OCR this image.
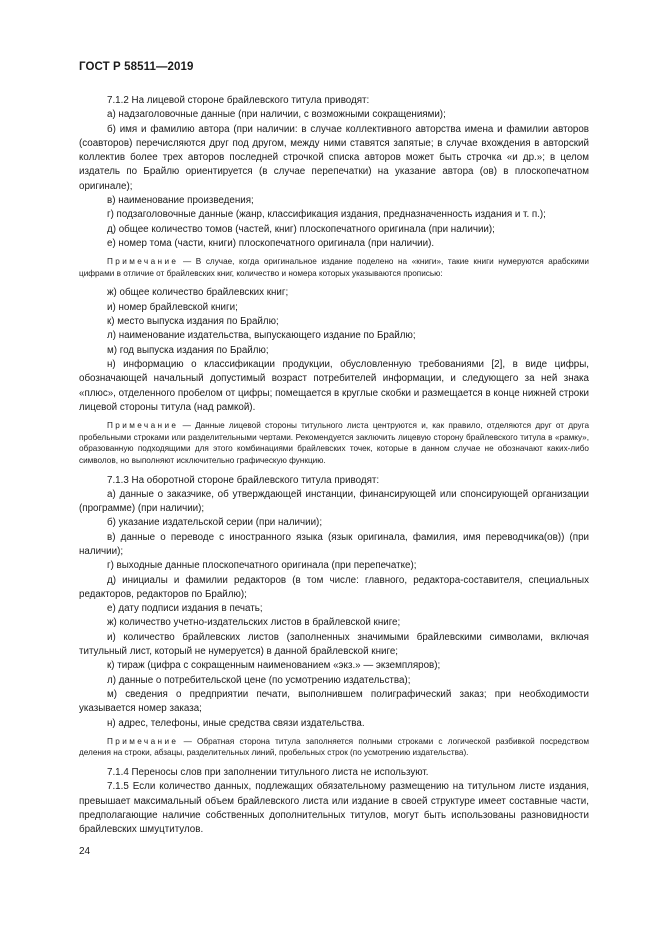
ГОСТ Р 58511—2019

7.1.2 На лицевой стороне брайлевского титула приводят:

а) надзаголовочные данные (при наличии, с возможными сокращениями);

б) имя и фамилию автора (при наличии: в случае коллективного авторства имена и фамилии авторов (соавторов) перечисляются друг под другом, между ними ставятся запятые; в случае вхождения в авторский коллектив более трех авторов последней строчкой списка авторов может быть строчка «и др.»; в целом издатель по Брайлю ориентируется (в случае перепечатки) на указание автора (ов) в плоскопечатном оригинале);

в) наименование произведения;

г) подзаголовочные данные (жанр, классификация издания, предназначенность издания и т. п.);

д) общее количество томов (частей, книг) плоскопечатного оригинала (при наличии);

е) номер тома (части, книги) плоскопечатного оригинала (при наличии).

Примечание — В случае, когда оригинальное издание поделено на «книги», такие книги нумеруются арабскими цифрами в отличие от брайлевских книг, количество и номера которых указываются прописью:

ж) общее количество брайлевских книг;

и) номер брайлевской книги;

к) место выпуска издания по Брайлю;

л) наименование издательства, выпускающего издание по Брайлю;

м) год выпуска издания по Брайлю;

н) информацию о классификации продукции, обусловленную требованиями [2], в виде цифры, обозначающей начальный допустимый возраст потребителей информации, и следующего за ней знака «плюс», отделенного пробелом от цифры; помещается в круглые скобки и размещается в конце нижней строки лицевой стороны титула (над рамкой).

Примечание — Данные лицевой стороны титульного листа центруются и, как правило, отделяются друг от друга пробельными строками или разделительными чертами. Рекомендуется заключить лицевую сторону брайлевского титула в «рамку», образованную подходящими для этого комбинациями брайлевских точек, которые в данном случае не обозначают каких-либо символов, но выполняют исключительно графическую функцию.

7.1.3 На оборотной стороне брайлевского титула приводят:

а) данные о заказчике, об утверждающей инстанции, финансирующей или спонсирующей организации (программе) (при наличии);

б) указание издательской серии (при наличии);

в) данные о переводе с иностранного языка (язык оригинала, фамилия, имя переводчика(ов)) (при наличии);

г) выходные данные плоскопечатного оригинала (при перепечатке);

д) инициалы и фамилии редакторов (в том числе: главного, редактора-составителя, специальных редакторов, редакторов по Брайлю);

е) дату подписи издания в печать;

ж) количество учетно-издательских листов в брайлевской книге;

и) количество брайлевских листов (заполненных значимыми брайлевскими символами, включая титульный лист, который не нумеруется) в данной брайлевской книге;

к) тираж (цифра с сокращенным наименованием «экз.» — экземпляров);

л) данные о потребительской цене (по усмотрению издательства);

м) сведения о предприятии печати, выполнившем полиграфический заказ; при необходимости указывается номер заказа;

н) адрес, телефоны, иные средства связи издательства.

Примечание — Обратная сторона титула заполняется полными строками с логической разбивкой посредством деления на строки, абзацы, разделительных линий, пробельных строк (по усмотрению издательства).

7.1.4 Переносы слов при заполнении титульного листа не используют.

7.1.5 Если количество данных, подлежащих обязательному размещению на титульном листе издания, превышает максимальный объем брайлевского листа или издание в своей структуре имеет составные части, предполагающие наличие собственных дополнительных титулов, могут быть использованы разновидности брайлевских шмуцтитулов.

24
